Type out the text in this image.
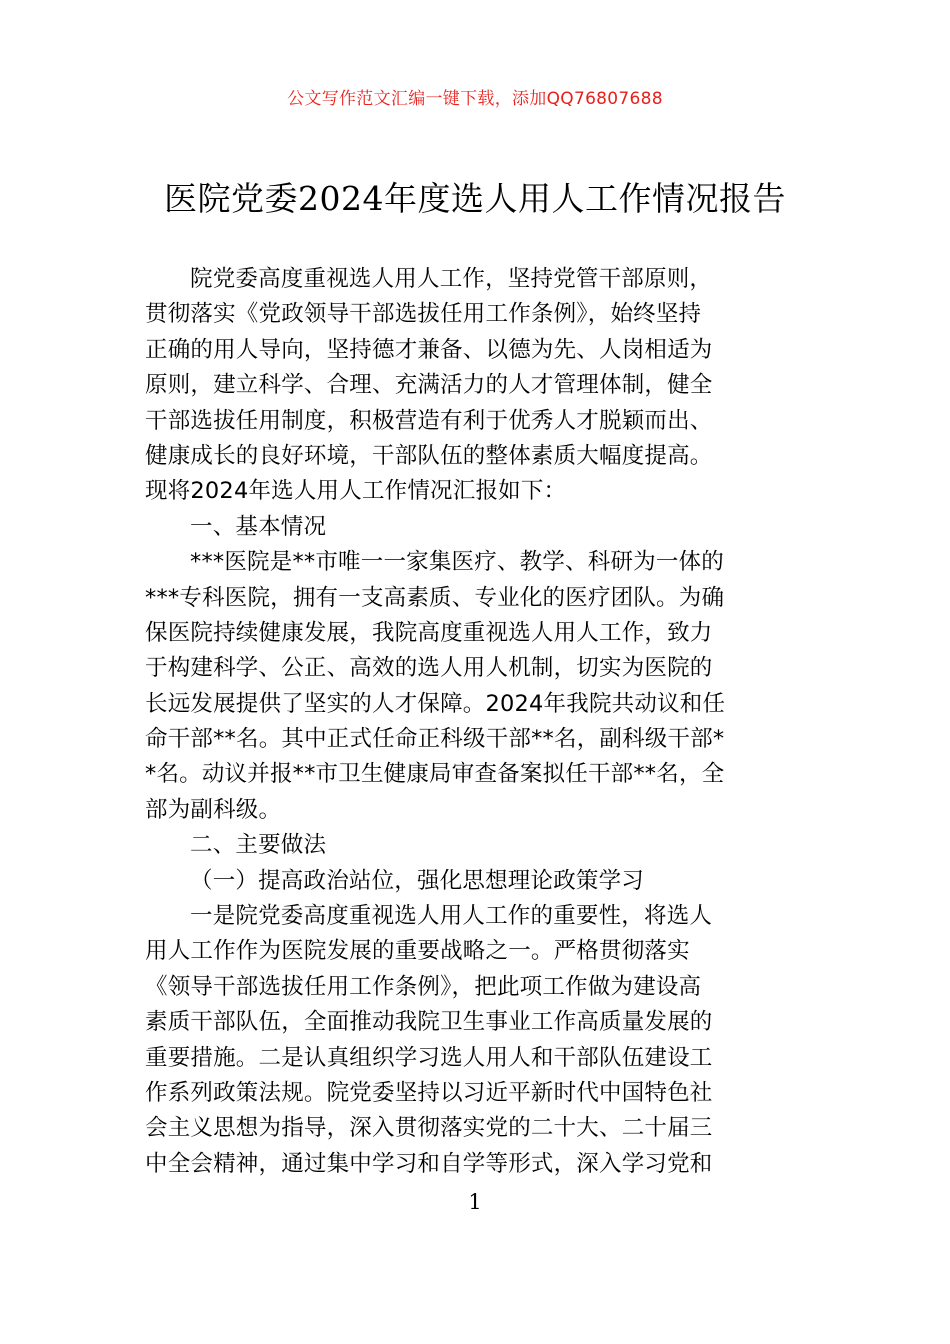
公文写作范文汇编一键下载，添加QQ76807688
医院党委2024年度选人用人工作情况报告
院党委高度重视选人用人工作，坚持党管干部原则，
贯彻落实《党政领导干部选拔任用工作条例》，始终坚持
正确的用人导向，坚持德才兼备、以德为先、人岗相适为
原则，建立科学、合理、充满活力的人才管理体制，健全
干部选拔任用制度，积极营造有利于优秀人才脱颖而出、
健康成长的良好环境，干部队伍的整体素质大幅度提高。
现将2024年选人用人工作情况汇报如下：
一、基本情况
***医院是**市唯一一家集医疗、教学、科研为一体的
***专科医院，拥有一支高素质、专业化的医疗团队。为确
保医院持续健康发展，我院高度重视选人用人工作，致力
于构建科学、公正、高效的选人用人机制，切实为医院的
长远发展提供了坚实的人才保障。2024年我院共动议和任
命干部**名。其中正式任命正科级干部**名，副科级干部*
*名。动议并报**市卫生健康局审查备案拟任干部**名，全
部为副科级。
二、主要做法
（一）提高政治站位，强化思想理论政策学习
一是院党委高度重视选人用人工作的重要性，将选人
用人工作作为医院发展的重要战略之一。严格贯彻落实
《领导干部选拔任用工作条例》，把此项工作做为建设高
素质干部队伍，全面推动我院卫生事业工作高质量发展的
重要措施。二是认真组织学习选人用人和干部队伍建设工
作系列政策法规。院党委坚持以习近平新时代中国特色社
会主义思想为指导，深入贯彻落实党的二十大、二十届三
中全会精神，通过集中学习和自学等形式，深入学习党和
1
